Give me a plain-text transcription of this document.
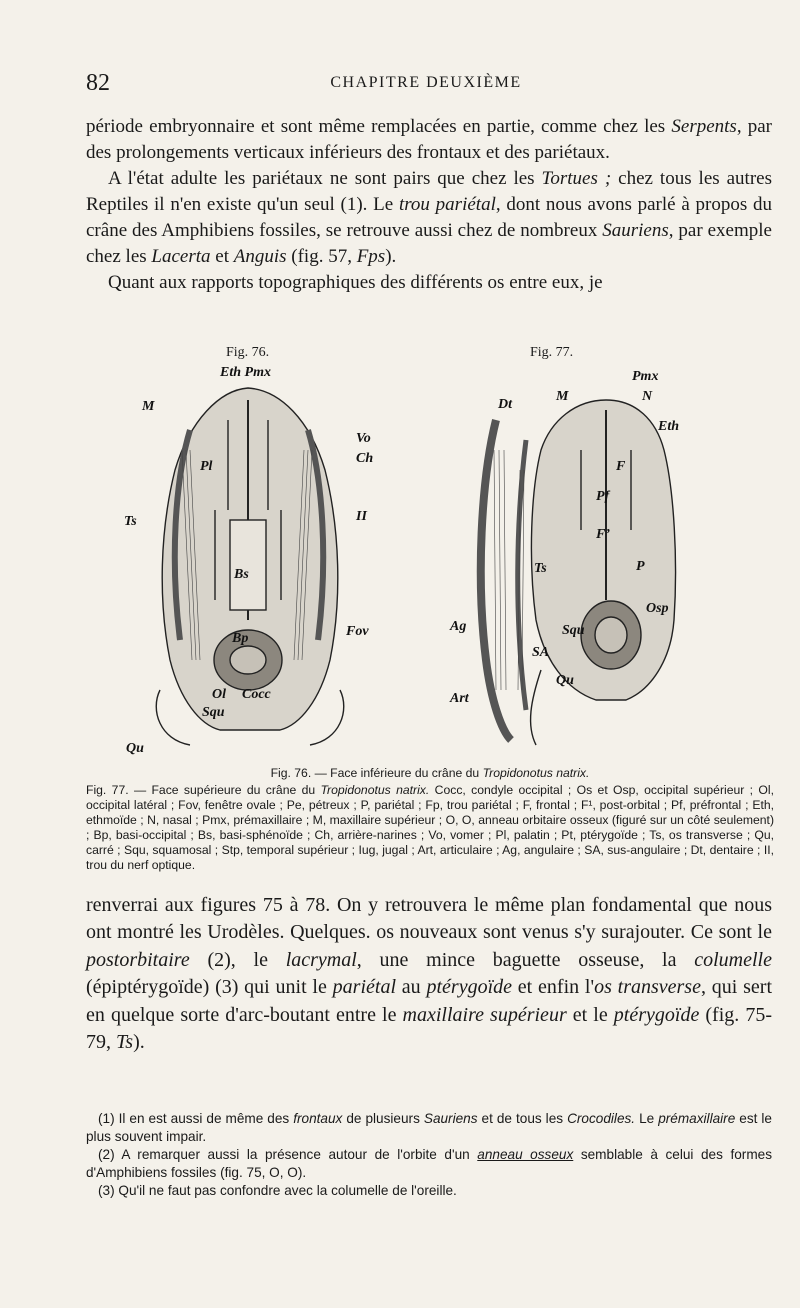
82	CHAPITRE DEUXIÈME

période embryonnaire et sont même remplacées en partie, comme chez les Serpents, par des prolongements verticaux inférieurs des frontaux et des pariétaux.
A l'état adulte les pariétaux ne sont pairs que chez les Tortues ; chez tous les autres Reptiles il n'en existe qu'un seul (1). Le trou pariétal, dont nous avons parlé à propos du crâne des Amphibiens fossiles, se retrouve aussi chez de nombreux Sauriens, par exemple chez les Lacerta et Anguis (fig. 57, Fps).
Quant aux rapports topographiques des différents os entre eux, je

Fig. 76.	Fig. 77.
Eth Pmx
M
Vo
Ch
Pl
Ts	II
Bs
Fov
Bp
Ol Cocc
Squ
Qu
Pmx
Dt
M	N
Eth
F
Pf
F’
P
Ts
Ag	Squ
SA
Osp
Qu
Art

Fig. 76. — Face inférieure du crâne du Tropidonotus natrix.

Fig. 77. — Face supérieure du crâne du Tropidonotus natrix. Cocc, condyle occipital ; Os et Osp, occipital supérieur ; Ol, occipital latéral ; Fov, fenêtre ovale ; Pe, pétreux ; P, pariétal ; Fp, trou pariétal ; F, frontal ; F¹, post-orbital ; Pf, préfrontal ; Eth, ethmoïde ; N, nasal ; Pmx, prémaxillaire ; M, maxillaire supérieur ; O, O, anneau orbitaire osseux (figuré sur un côté seulement) ; Bp, basi-occipital ; Bs, basi-sphénoïde ; Ch, arrière-narines ; Vo, vomer ; Pl, palatin ; Pt, ptérygoïde ; Ts, os transverse ; Qu, carré ; Squ, squamosal ; Stp, temporal supérieur ; Iug, jugal ; Art, articulaire ; Ag, angulaire ; SA, sus-angulaire ; Dt, dentaire ; II, trou du nerf optique.

renverrai aux figures 75 à 78. On y retrouvera le même plan fondamental que nous ont montré les Urodèles. Quelques. os nouveaux sont venus s'y surajouter. Ce sont le postorbitaire (2), le lacrymal, une mince baguette osseuse, la columelle (épiptérygoïde) (3) qui unit le pariétal au ptérygoïde et enfin l'os transverse, qui sert en quelque sorte d'arc-boutant entre le maxillaire supérieur et le ptérygoïde (fig. 75-79, Ts).

(1) Il en est aussi de même des frontaux de plusieurs Sauriens et de tous les Crocodiles. Le prémaxillaire est le plus souvent impair.

(2) A remarquer aussi la présence autour de l'orbite d'un anneau osseux semblable à celui des formes d'Amphibiens fossiles (fig. 75, O, O).

(3) Qu'il ne faut pas confondre avec la columelle de l'oreille.
